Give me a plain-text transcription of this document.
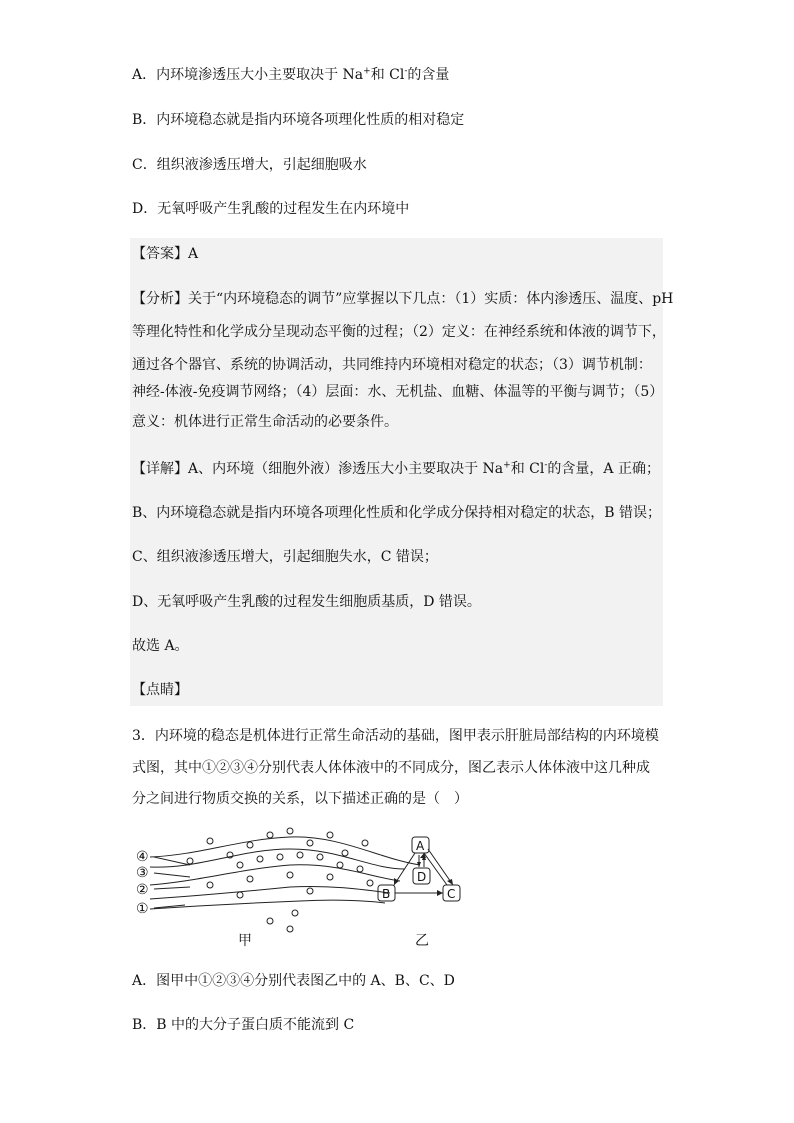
A．内环境渗透压大小主要取决于 Na+和 Cl-的含量
B．内环境稳态就是指内环境各项理化性质的相对稳定
C．组织液渗透压增大，引起细胞吸水
D．无氧呼吸产生乳酸的过程发生在内环境中
【答案】A
【分析】关于“内环境稳态的调节”应掌握以下几点：（1）实质：体内渗透压、温度、pH
等理化特性和化学成分呈现动态平衡的过程；（2）定义：在神经系统和体液的调节下，
通过各个器官、系统的协调活动，共同维持内环境相对稳定的状态；（3）调节机制：
神经-体液-免疫调节网络；（4）层面：水、无机盐、血糖、体温等的平衡与调节；（5）
意义：机体进行正常生命活动的必要条件。
【详解】A、内环境（细胞外液）渗透压大小主要取决于 Na+和 Cl-的含量，A 正确；
B、内环境稳态就是指内环境各项理化性质和化学成分保持相对稳定的状态，B 错误；
C、组织液渗透压增大，引起细胞失水，C 错误；
D、无氧呼吸产生乳酸的过程发生细胞质基质，D 错误。
故选 A。
【点睛】
3．内环境的稳态是机体进行正常生命活动的基础，图甲表示肝脏局部结构的内环境模
式图，其中①②③④分别代表人体体液中的不同成分，图乙表示人体体液中这几种成
分之间进行物质交换的关系，以下描述正确的是（　）
④
③
②
①
甲	乙
A
D
B	C
A．图甲中①②③④分别代表图乙中的 A、B、C、D
B．B 中的大分子蛋白质不能流到 C
